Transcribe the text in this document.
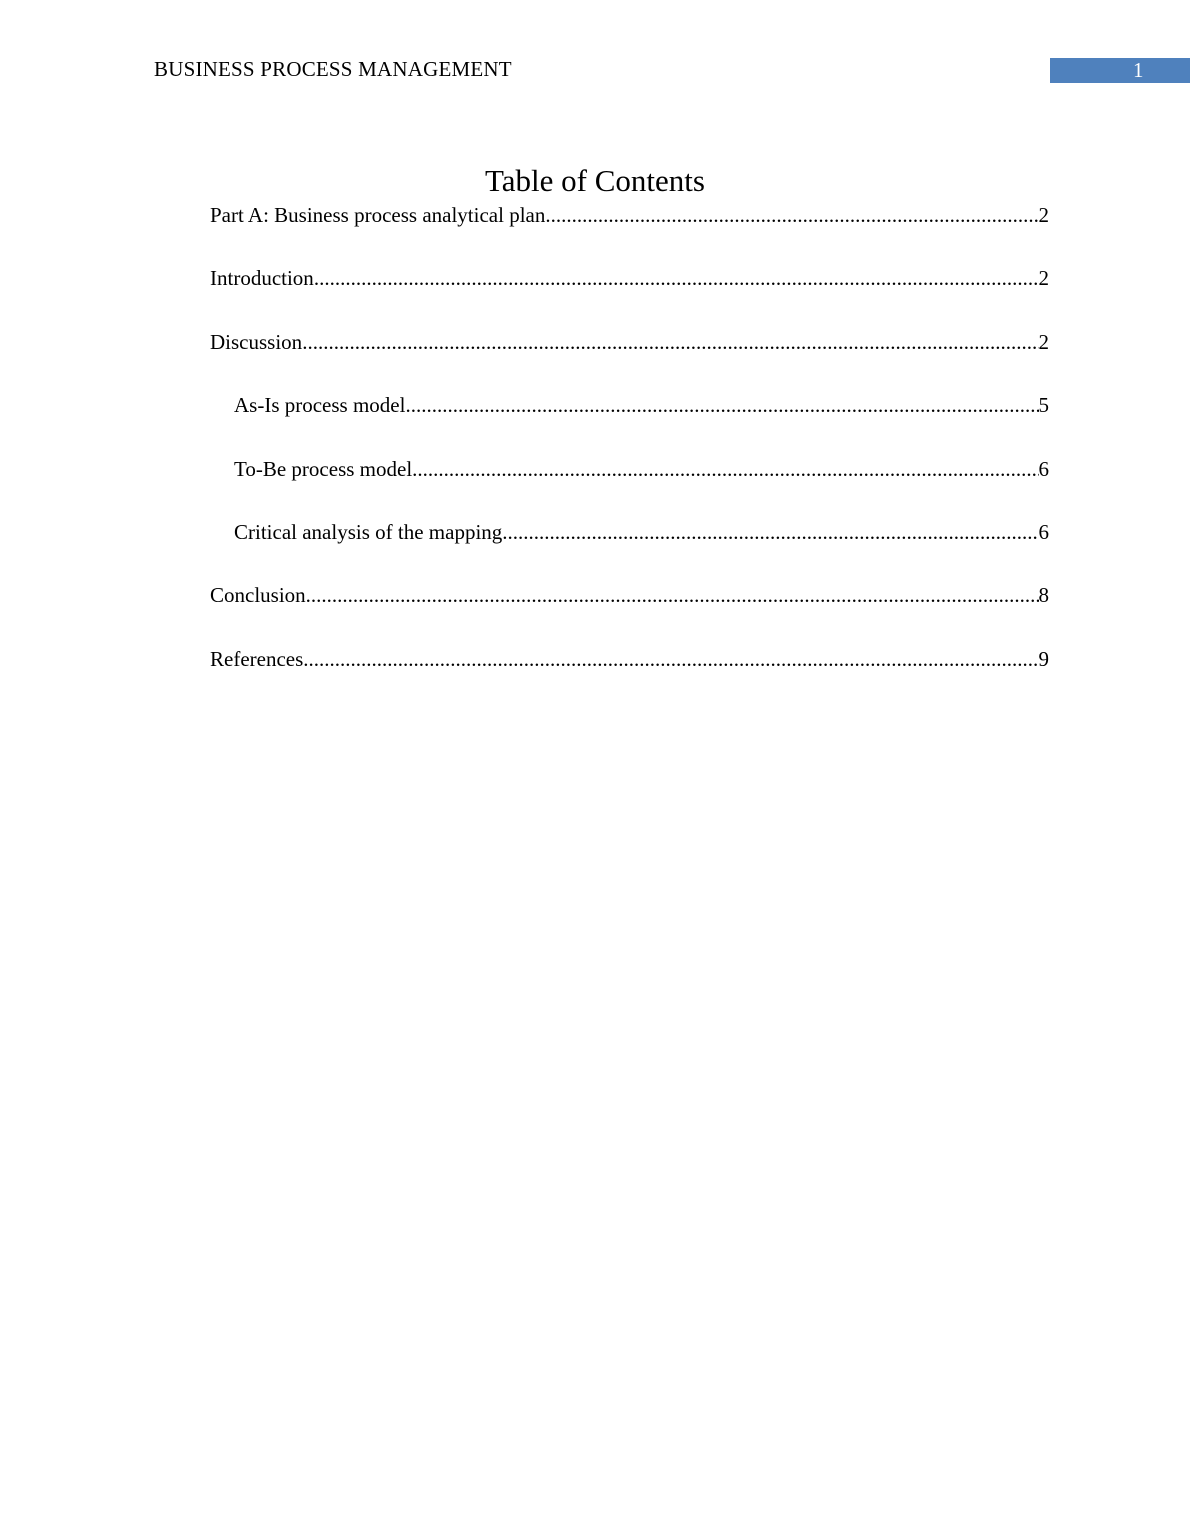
BUSINESS PROCESS MANAGEMENT	1
Table of Contents
Part A: Business process analytical plan .....	2
Introduction .....	2
Discussion .....	2
As-Is process model .....	5
To-Be process model .....	6
Critical analysis of the mapping .....	6
Conclusion .....	8
References .....	9
